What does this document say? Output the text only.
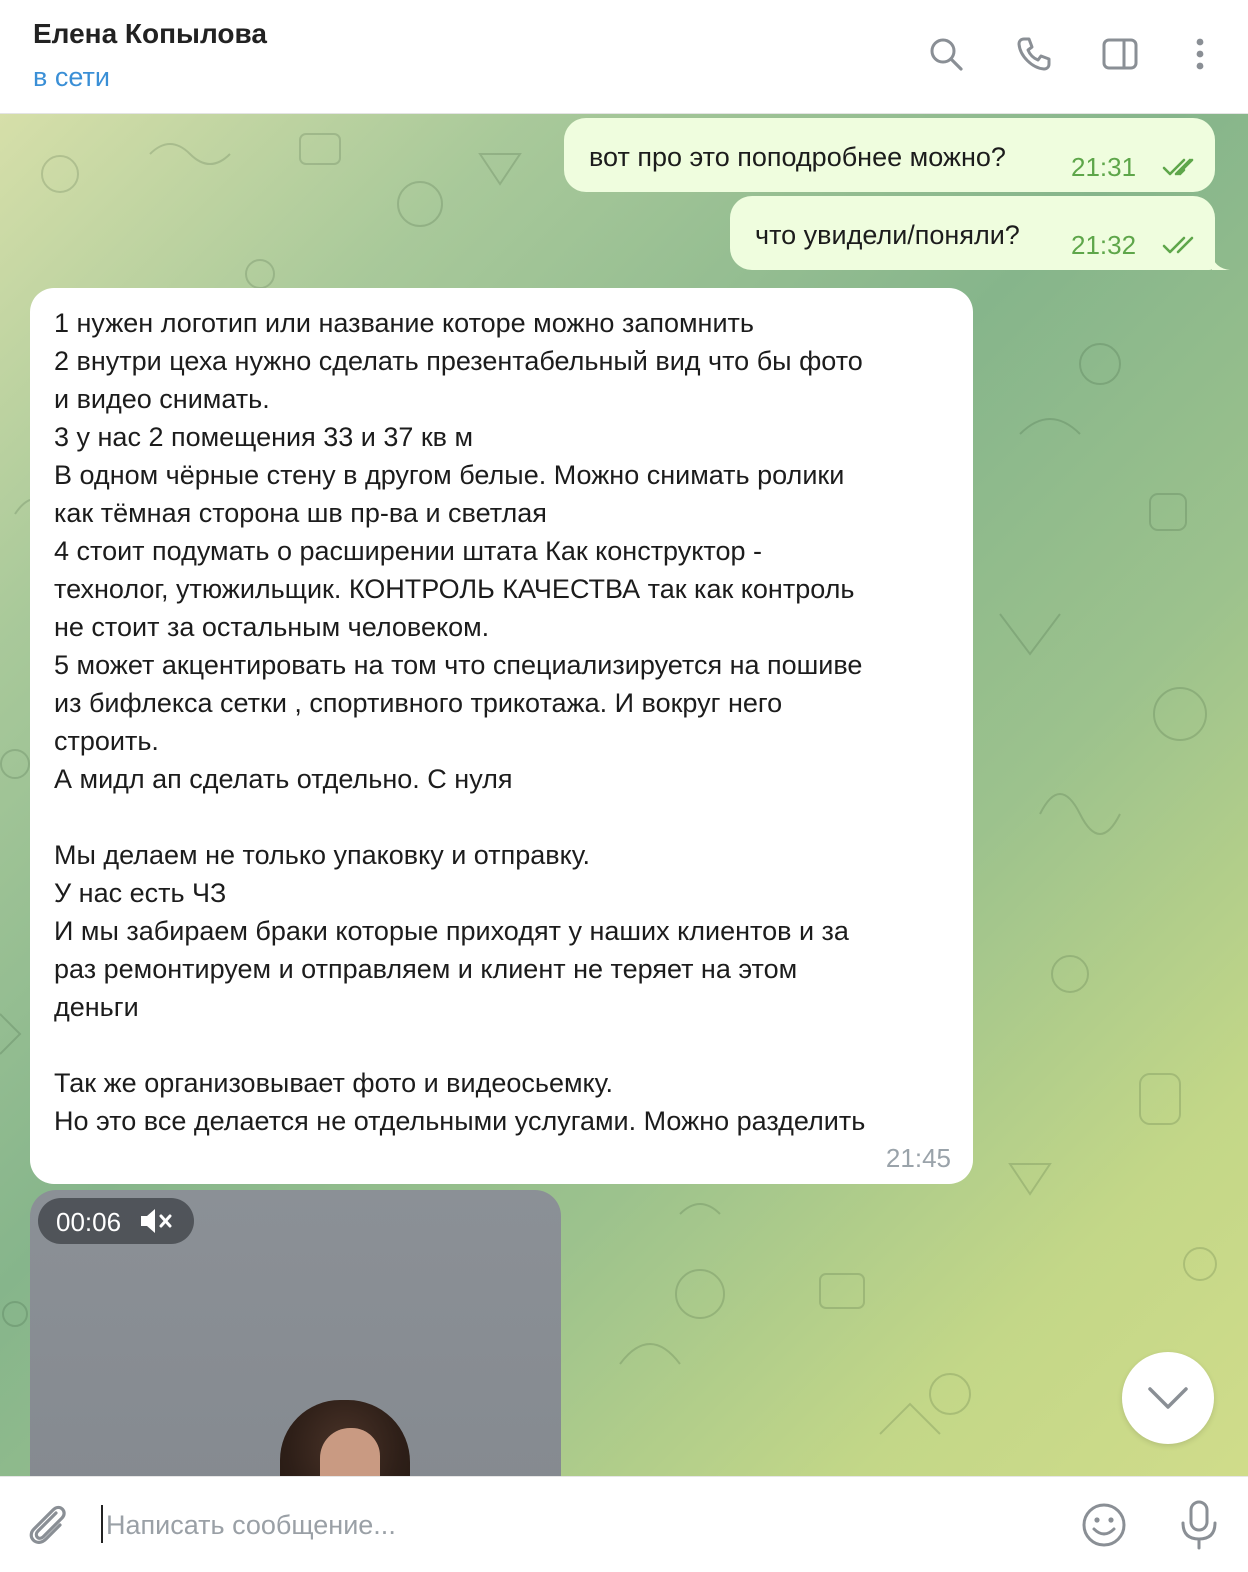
Елена Копылова
в сети
вот про это поподробнее можно?	21:31
что увидели/поняли? 21:32
1 нужен логотип или название которе можно запомнить
2 внутри цеха нужно сделать презентабельный вид что бы фото
и видео снимать.
3 у нас 2 помещения 33 и 37 кв м
В одном чёрные стену в другом белые. Можно снимать ролики
как тёмная сторона шв пр-ва и светлая
4 стоит подумать о расширении штата Как конструктор -
технолог, утюжильщик. КОНТРОЛЬ КАЧЕСТВА так как контроль
не стоит за остальным человеком.
5 может акцентировать на том что специализируется на пошиве
из бифлекса сетки , спортивного трикотажа. И вокруг него
строить.
А мидл ап сделать отдельно. С нуля
Мы делаем не только упаковку и отправку.
У нас есть ЧЗ
И мы забираем браки которые приходят у наших клиентов и за
раз ремонтируем и отправляем и клиент не теряет на этом
деньги
Так же организовывает фото и видеосьемку.
Но это все делается не отдельными услугами. Можно разделить
21:45
00:06
Написать сообщение...
